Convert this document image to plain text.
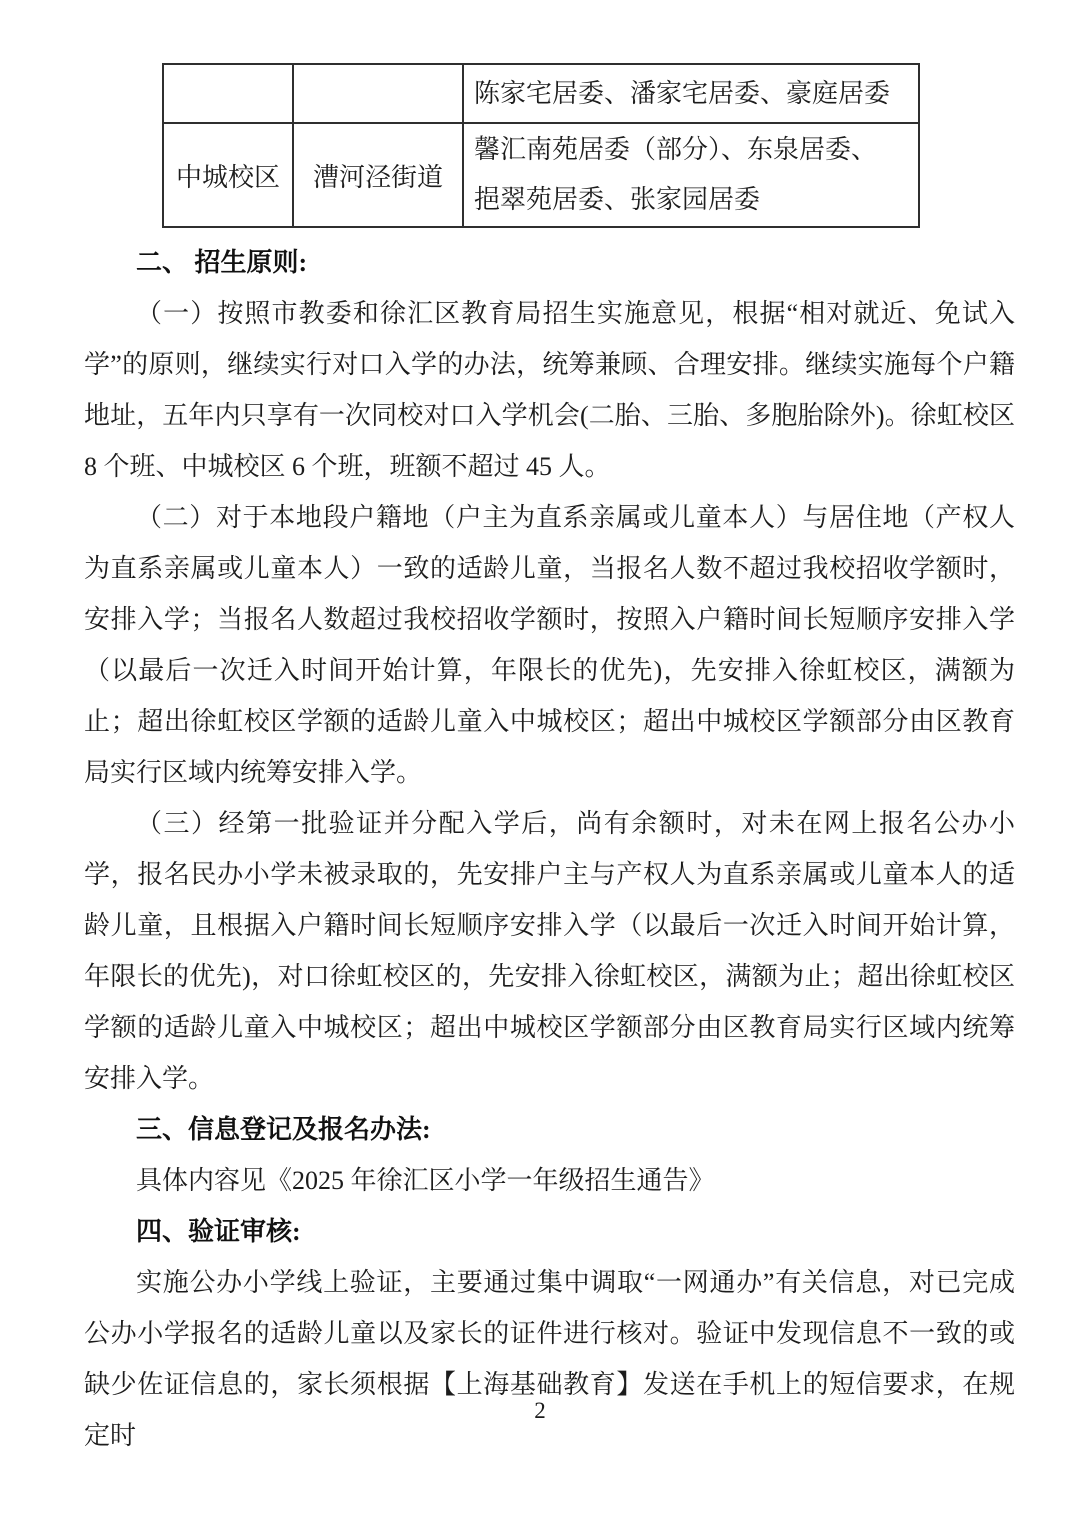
		陈家宅居委、潘家宅居委、豪庭居委

中城校区	漕河泾街道	馨汇南苑居委（部分）、东泉居委、
挹翠苑居委、张家园居委
二、 招生原则:

（一）按照市教委和徐汇区教育局招生实施意见，根据“相对就近、免试入学”的原则，继续实行对口入学的办法，统筹兼顾、合理安排。继续实施每个户籍地址，五年内只享有一次同校对口入学机会(二胎、三胎、多胞胎除外)。徐虹校区 8 个班、中城校区 6 个班，班额不超过 45 人。

（二）对于本地段户籍地（户主为直系亲属或儿童本人）与居住地（产权人为直系亲属或儿童本人）一致的适龄儿童，当报名人数不超过我校招收学额时，安排入学；当报名人数超过我校招收学额时，按照入户籍时间长短顺序安排入学（以最后一次迁入时间开始计算，年限长的优先)，先安排入徐虹校区，满额为止；超出徐虹校区学额的适龄儿童入中城校区；超出中城校区学额部分由区教育局实行区域内统筹安排入学。

（三）经第一批验证并分配入学后，尚有余额时，对未在网上报名公办小学，报名民办小学未被录取的，先安排户主与产权人为直系亲属或儿童本人的适龄儿童，且根据入户籍时间长短顺序安排入学（以最后一次迁入时间开始计算，年限长的优先)，对口徐虹校区的，先安排入徐虹校区，满额为止；超出徐虹校区学额的适龄儿童入中城校区；超出中城校区学额部分由区教育局实行区域内统筹安排入学。

三、信息登记及报名办法:

具体内容见《2025 年徐汇区小学一年级招生通告》

四、验证审核:

实施公办小学线上验证，主要通过集中调取“一网通办”有关信息，对已完成公办小学报名的适龄儿童以及家长的证件进行核对。验证中发现信息不一致的或缺少佐证信息的，家长须根据【上海基础教育】发送在手机上的短信要求，在规定时

2
